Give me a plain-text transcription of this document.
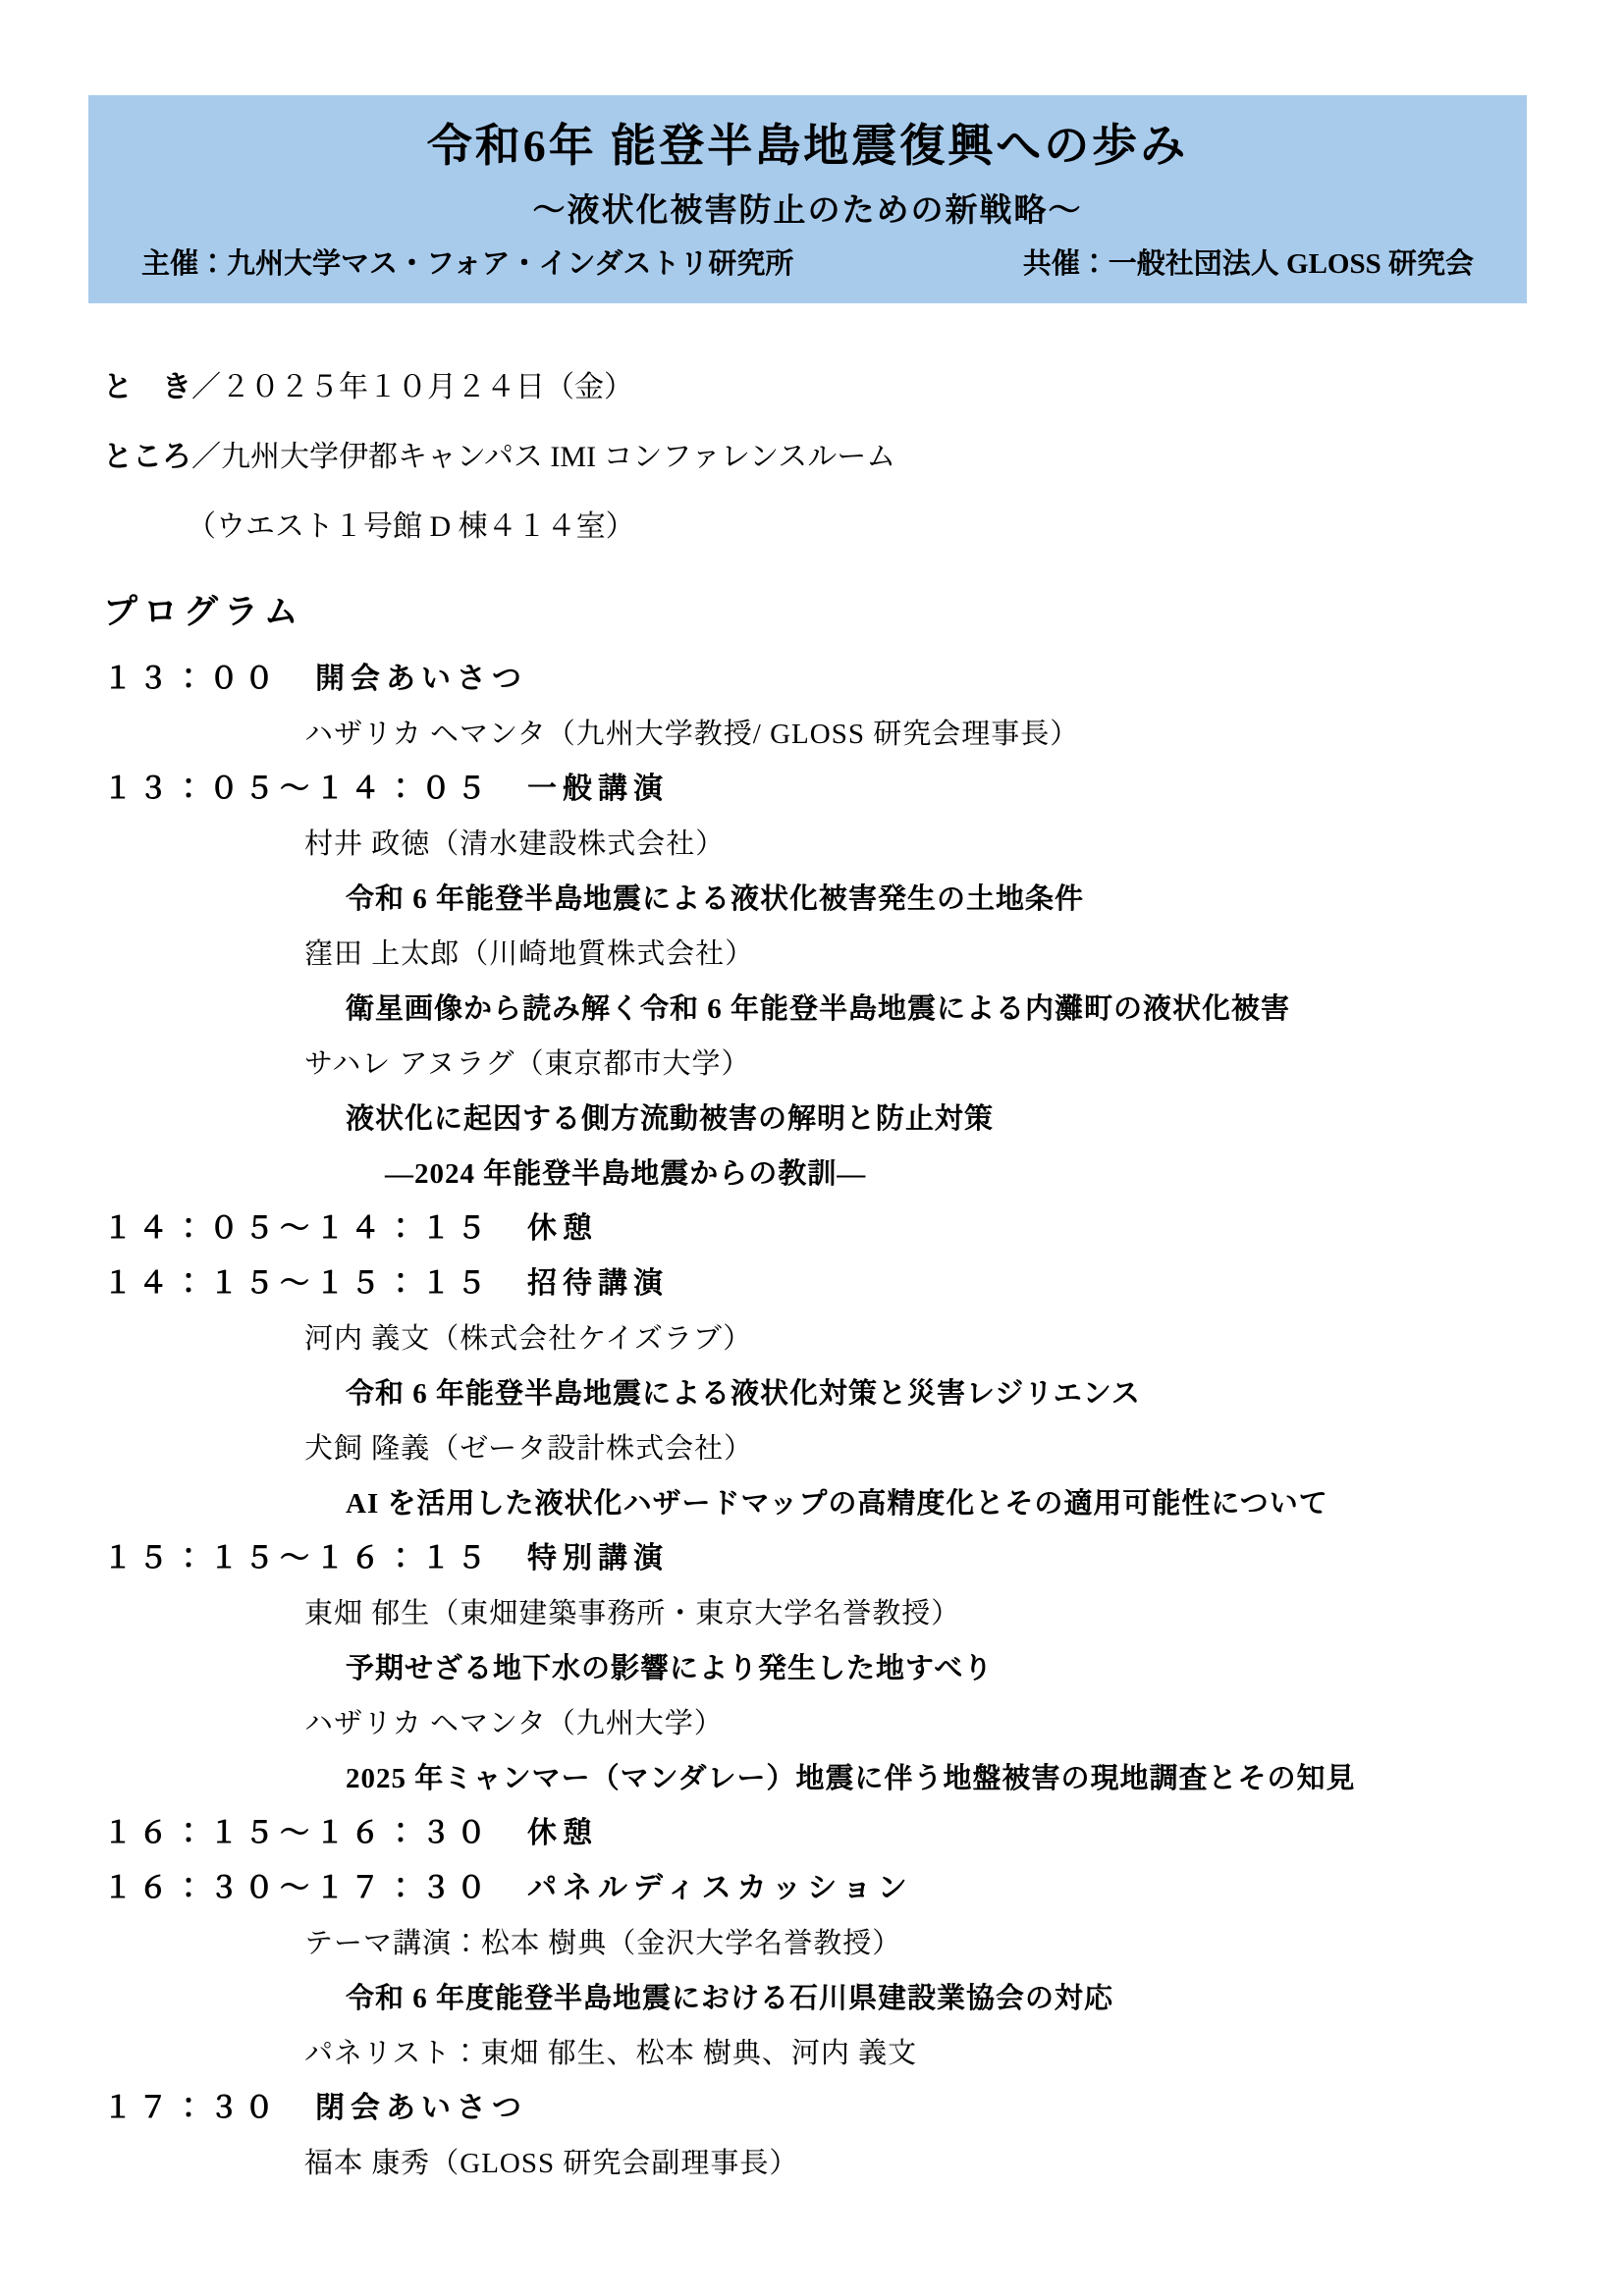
令和6年 能登半島地震復興への歩み
～液状化被害防止のための新戦略～
主催：九州大学マス・フォア・インダストリ研究所	共催：一般社団法人 GLOSS 研究会
と　き／２０２５年１０月２４日（金）
ところ／九州大学伊都キャンパス IMI コンファレンスルーム
（ウエスト１号館 D 棟４１４室）
プログラム
１３：００　開会あいさつ
ハザリカ ヘマンタ（九州大学教授/ GLOSS 研究会理事長）
１３：０５～１４：０５　一般講演
村井 政徳（清水建設株式会社）
令和 6 年能登半島地震による液状化被害発生の土地条件
窪田 上太郎（川崎地質株式会社）
衛星画像から読み解く令和 6 年能登半島地震による内灘町の液状化被害
サハレ アヌラグ（東京都市大学）
液状化に起因する側方流動被害の解明と防止対策
―2024 年能登半島地震からの教訓―
１４：０５～１４：１５　休憩
１４：１５～１５：１５　招待講演
河内 義文（株式会社ケイズラブ）
令和 6 年能登半島地震による液状化対策と災害レジリエンス
犬飼 隆義（ゼータ設計株式会社）
AI を活用した液状化ハザードマップの高精度化とその適用可能性について
１５：１５～１６：１５　特別講演
東畑 郁生（東畑建築事務所・東京大学名誉教授）
予期せざる地下水の影響により発生した地すべり
ハザリカ ヘマンタ（九州大学）
2025 年ミャンマー（マンダレー）地震に伴う地盤被害の現地調査とその知見
１６：１５～１６：３０　休憩
１６：３０～１７：３０　パネルディスカッション
テーマ講演：松本 樹典（金沢大学名誉教授）
令和 6 年度能登半島地震における石川県建設業協会の対応
パネリスト：東畑 郁生、松本 樹典、河内 義文
１７：３０　閉会あいさつ
福本 康秀（GLOSS 研究会副理事長）
